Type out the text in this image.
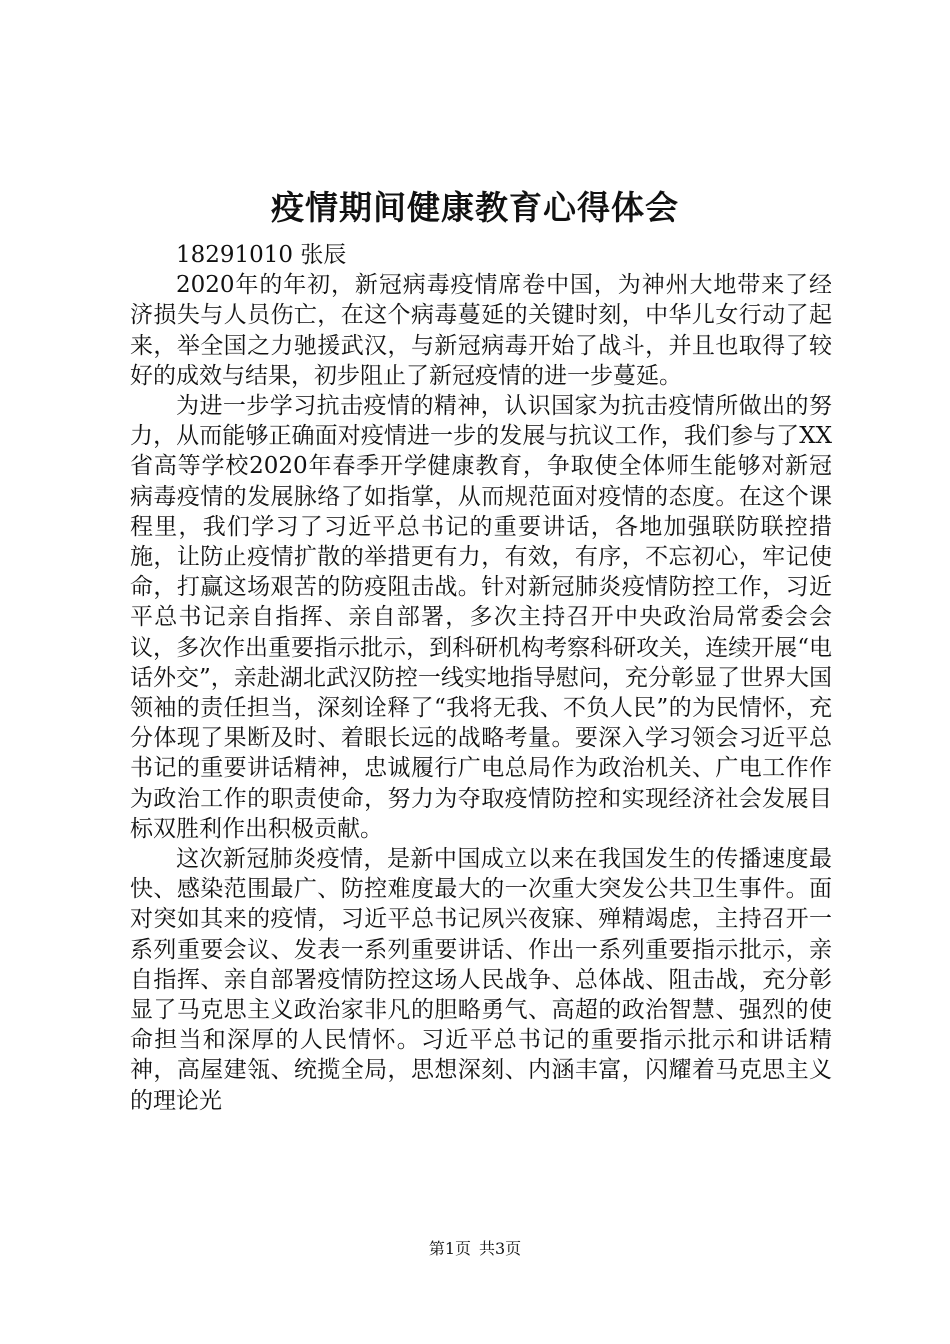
疫情期间健康教育心得体会

18291010 张辰

2020年的年初，新冠病毒疫情席卷中国，为神州大地带来了经济损失与人员伤亡，在这个病毒蔓延的关键时刻，中华儿女行动了起来，举全国之力驰援武汉，与新冠病毒开始了战斗，并且也取得了较好的成效与结果，初步阻止了新冠疫情的进一步蔓延。

为进一步学习抗击疫情的精神，认识国家为抗击疫情所做出的努力，从而能够正确面对疫情进一步的发展与抗议工作，我们参与了XX省高等学校2020年春季开学健康教育，争取使全体师生能够对新冠病毒疫情的发展脉络了如指掌，从而规范面对疫情的态度。在这个课程里，我们学习了习近平总书记的重要讲话，各地加强联防联控措施，让防止疫情扩散的举措更有力，有效，有序，不忘初心，牢记使命，打赢这场艰苦的防疫阻击战。针对新冠肺炎疫情防控工作，习近平总书记亲自指挥、亲自部署，多次主持召开中央政治局常委会会议，多次作出重要指示批示，到科研机构考察科研攻关，连续开展“电话外交”，亲赴湖北武汉防控一线实地指导慰问，充分彰显了世界大国领袖的责任担当，深刻诠释了“我将无我、不负人民”的为民情怀，充分体现了果断及时、着眼长远的战略考量。要深入学习领会习近平总书记的重要讲话精神，忠诚履行广电总局作为政治机关、广电工作作为政治工作的职责使命，努力为夺取疫情防控和实现经济社会发展目标双胜利作出积极贡献。

这次新冠肺炎疫情，是新中国成立以来在我国发生的传播速度最快、感染范围最广、防控难度最大的一次重大突发公共卫生事件。面对突如其来的疫情，习近平总书记夙兴夜寐、殚精竭虑，主持召开一系列重要会议、发表一系列重要讲话、作出一系列重要指示批示，亲自指挥、亲自部署疫情防控这场人民战争、总体战、阻击战，充分彰显了马克思主义政治家非凡的胆略勇气、高超的政治智慧、强烈的使命担当和深厚的人民情怀。习近平总书记的重要指示批示和讲话精神，高屋建瓴、统揽全局，思想深刻、内涵丰富，闪耀着马克思主义的理论光

第1页 共3页
